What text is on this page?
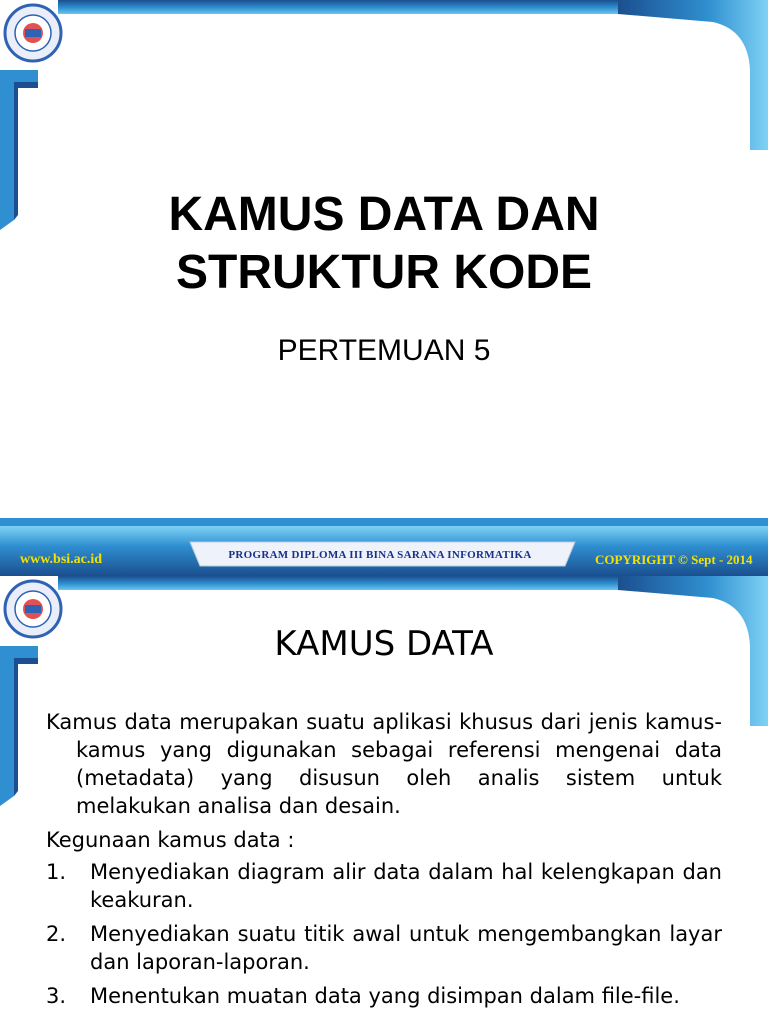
KAMUS DATA DAN
STRUKTUR KODE
PERTEMUAN 5
www.bsi.ac.id	PROGRAM DIPLOMA III BINA SARANA INFORMATIKA	COPYRIGHT © Sept - 2014
KAMUS DATA

Kamus data merupakan suatu aplikasi khusus dari jenis kamus-kamus yang digunakan sebagai referensi mengenai data (metadata) yang disusun oleh analis sistem untuk melakukan analisa dan desain.

Kegunaan kamus data :

1.	Menyediakan diagram alir data dalam hal kelengkapan dan keakuran.
2.	Menyediakan suatu titik awal untuk mengembangkan layar dan laporan-laporan.
3.	Menentukan muatan data yang disimpan dalam file-file.
